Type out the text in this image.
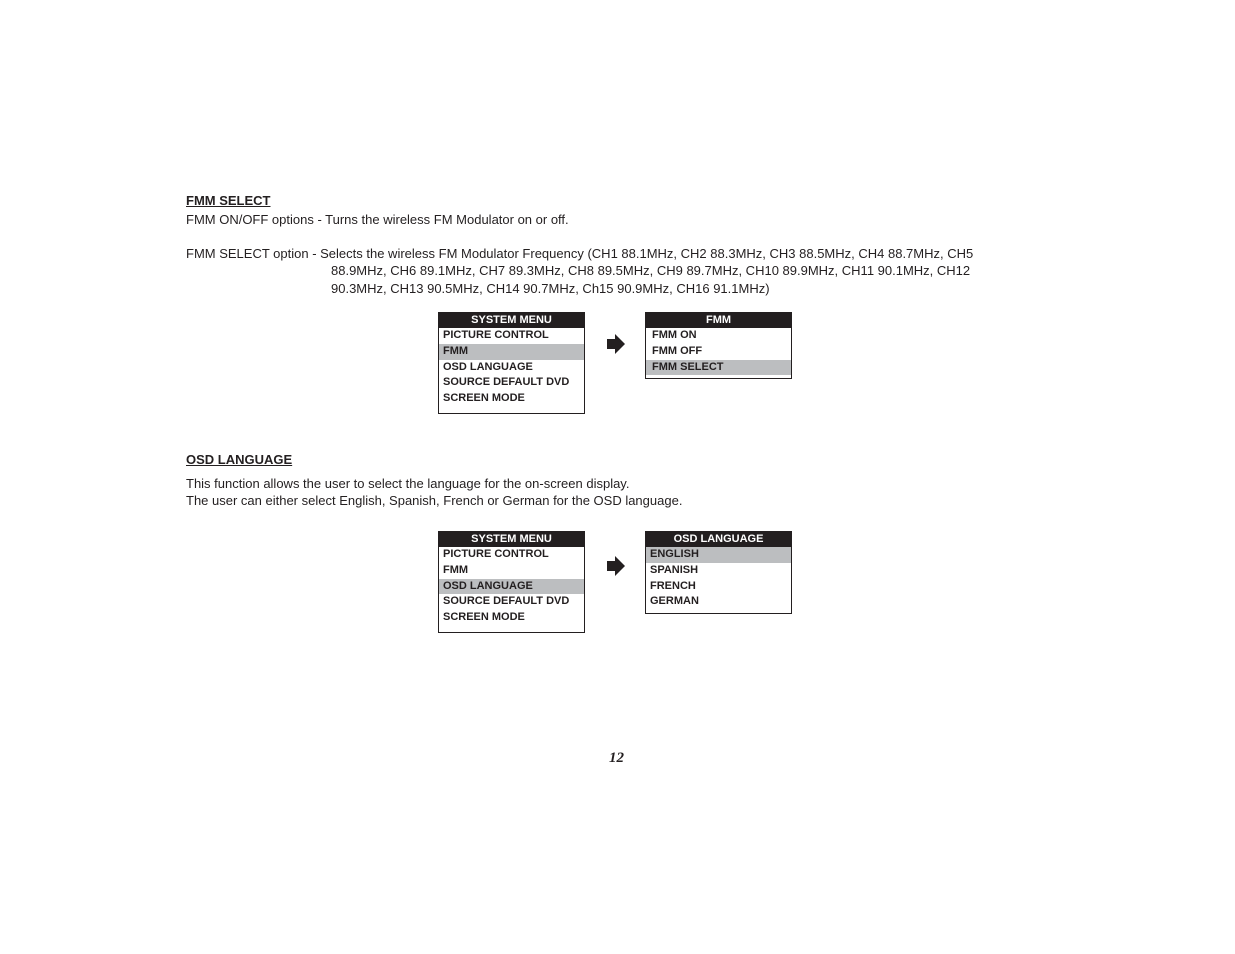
FMM SELECT
FMM ON/OFF options - Turns the wireless FM Modulator on or off.
FMM SELECT option - Selects the wireless FM Modulator Frequency (CH1 88.1MHz, CH2 88.3MHz, CH3 88.5MHz, CH4 88.7MHz, CH5
88.9MHz, CH6 89.1MHz, CH7 89.3MHz, CH8 89.5MHz, CH9 89.7MHz, CH10 89.9MHz, CH11 90.1MHz, CH12
90.3MHz, CH13 90.5MHz, CH14 90.7MHz, Ch15 90.9MHz, CH16 91.1MHz)
SYSTEM MENU
PICTURE CONTROL
FMM
OSD LANGUAGE
SOURCE DEFAULT DVD
SCREEN MODE
FMM
FMM ON
FMM OFF
FMM SELECT
OSD LANGUAGE
This function allows the user to select the language for the on-screen display.
The user can either select English, Spanish, French or German for the OSD language.
SYSTEM MENU
PICTURE CONTROL
FMM
OSD LANGUAGE
SOURCE DEFAULT DVD
SCREEN MODE
OSD LANGUAGE
ENGLISH
SPANISH
FRENCH
GERMAN
12
